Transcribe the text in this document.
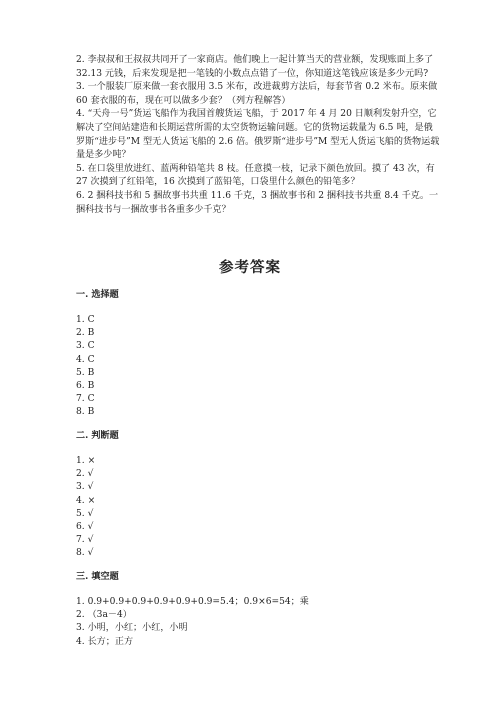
2. 李叔叔和王叔叔共同开了一家商店。他们晚上一起计算当天的营业额，发现账面上多了 32.13 元钱，后来发现是把一笔钱的小数点点错了一位，你知道这笔钱应该是多少元吗?

3. 一个服装厂原来做一套衣服用 3.5 米布，改进裁剪方法后，每套节省 0.2 米布。原来做 60 套衣服的布，现在可以做多少套？（列方程解答）

4. “天舟一号”货运飞船作为我国首艘货运飞船，于 2017 年 4 月 20 日顺利发射升空，它解决了空间站建造和长期运营所需的太空货物运输问题。它的货物运载量为 6.5 吨，是俄罗斯“进步号”M 型无人货运飞船的 2.6 倍。俄罗斯“进步号”M 型无人货运飞船的货物运载量是多少吨？

5. 在口袋里放进红、蓝两种铅笔共 8 枝。任意摸一枝，记录下颜色放回。摸了 43 次，有 27 次摸到了红铅笔，16 次摸到了蓝铅笔，口袋里什么颜色的铅笔多？

6. 2 捆科技书和 5 捆故事书共重 11.6 千克，3 捆故事书和 2 捆科技书共重 8.4 千克。一捆科技书与一捆故事书各重多少千克？

参考答案

一. 选择题

1. C
2. B
3. C
4. C
5. B
6. B
7. C
8. B

二. 判断题

1. ×
2. √
3. √
4. ×
5. √
6. √
7. √
8. √

三. 填空题

1. 0.9+0.9+0.9+0.9+0.9+0.9=5.4；0.9×6=54；乘
2. （3a－4）
3. 小明，小红；小红，小明
4. 长方；正方
